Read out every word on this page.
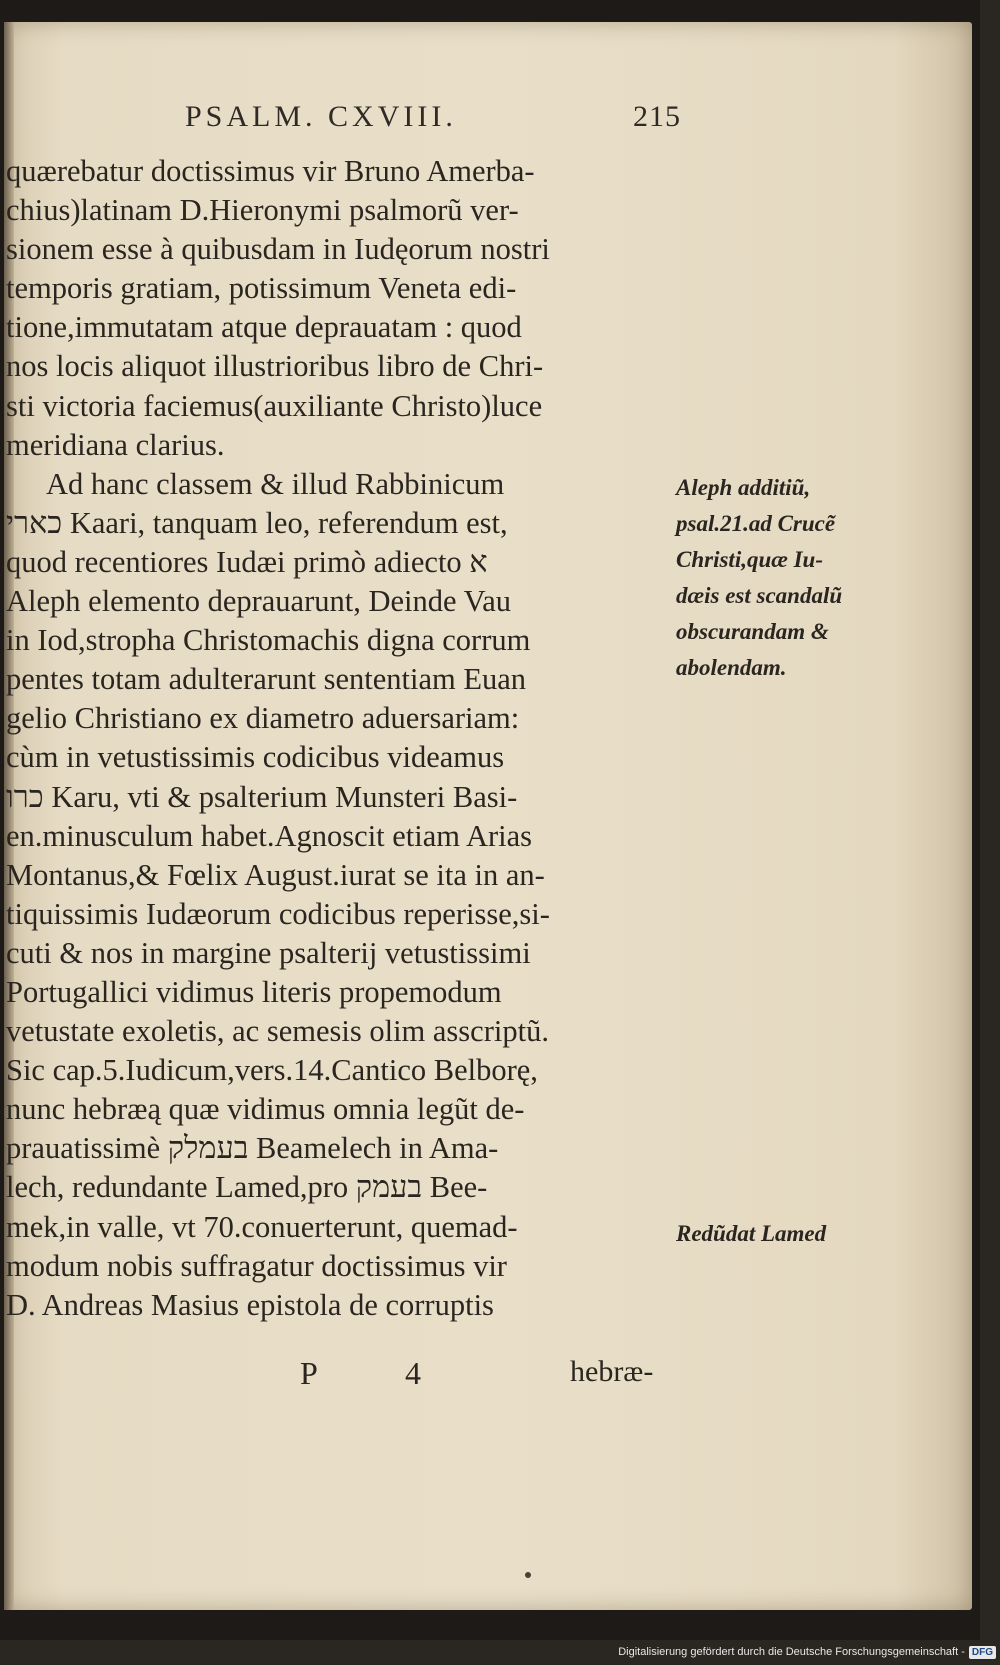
PSALM. CXVIII.	215
quærebatur doctissimus vir Bruno Amerba-
chius)latinam D.Hieronymi psalmorũ ver-
sionem esse à quibusdam in Iudęorum nostri
temporis gratiam, potissimum Veneta edi-
tione,immutatam atque deprauatam : quod
nos locis aliquot illustrioribus libro de Chri-
sti victoria faciemus(auxiliante Christo)luce
meridiana clarius.
Ad hanc classem & illud Rabbinicum
כארי Kaari, tanquam leo, referendum est,
quod recentiores Iudæi primò adiecto א
Aleph elemento deprauarunt, Deinde Vau
in Iod,stropha Christomachis digna corrum
pentes totam adulterarunt sententiam Euan
gelio Christiano ex diametro aduersariam:
cùm in vetustissimis codicibus videamus
כרו Karu, vti & psalterium Munsteri Basi-
en.minusculum habet.Agnoscit etiam Arias
Montanus,& Fœlix August.iurat se ita in an-
tiquissimis Iudæorum codicibus reperisse,si-
cuti & nos in margine psalterij vetustissimi
Portugallici vidimus literis propemodum
vetustate exoletis, ac semesis olim asscriptũ.
Sic cap.5.Iudicum,vers.14.Cantico Belborę,
nunc hebræą quæ vidimus omnia legũt de-
prauatissimè בעמלק Beamelech in Ama-
lech, redundante Lamed,pro בעמק Bee-
mek,in valle, vt 70.conuerterunt, quemad-
modum nobis suffragatur doctissimus vir
D. Andreas Masius epistola de corruptis
Aleph additiũ,
psal.21.ad Crucẽ
Christi,quæ Iu-
dæis est scandalũ
obscurandam &
abolendam.
Redũdat Lamed
P	4	hebræ-
Digitalisierung gefördert durch die Deutsche Forschungsgemeinschaft - DFG
